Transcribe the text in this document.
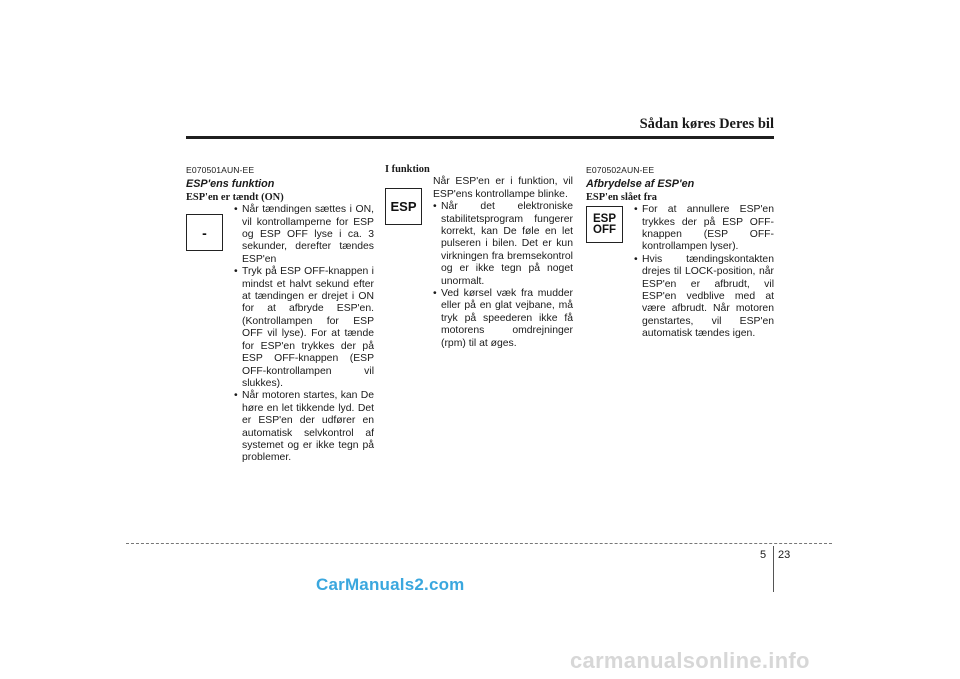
Sådan køres Deres bil
E070501AUN-EE
ESP'ens funktion
ESP'en er tændt (ON)
-
• Når tændingen sættes i ON, vil kontrollamperne for ESP og ESP OFF lyse i ca. 3 sekunder, derefter tændes ESP'en
• Tryk på ESP OFF-knappen i mindst et halvt sekund efter at tændingen er drejet i ON for at afbryde ESP'en. (Kontrollampen for ESP OFF vil lyse). For at tænde for ESP'en trykkes der på ESP OFF-knappen (ESP OFF-kontrollampen vil slukkes).
• Når motoren startes, kan De høre en let tikkende lyd. Det er ESP'en der udfører en automatisk selvkontrol af systemet og er ikke tegn på problemer.
I funktion
ESP
Når ESP'en er i funktion, vil ESP'ens kontrollampe blinke.
• Når det elektroniske stabilitetsprogram fungerer korrekt, kan De føle en let pulseren i bilen. Det er kun virkningen fra bremsekontrol og er ikke tegn på noget unormalt.
• Ved kørsel væk fra mudder eller på en glat vejbane, må tryk på speederen ikke få motorens omdrejninger (rpm) til at øges.
E070502AUN-EE
Afbrydelse af ESP'en
ESP'en slået fra
ESP
OFF
• For at annullere ESP'en trykkes der på ESP OFF-knappen (ESP OFF-kontrollampen lyser).
• Hvis tændingskontakten drejes til LOCK-position, når ESP'en er afbrudt, vil ESP'en vedblive med at være afbrudt. Når motoren genstartes, vil ESP'en automatisk tændes igen.
5 23
CarManuals2.com
carmanualsonline.info
